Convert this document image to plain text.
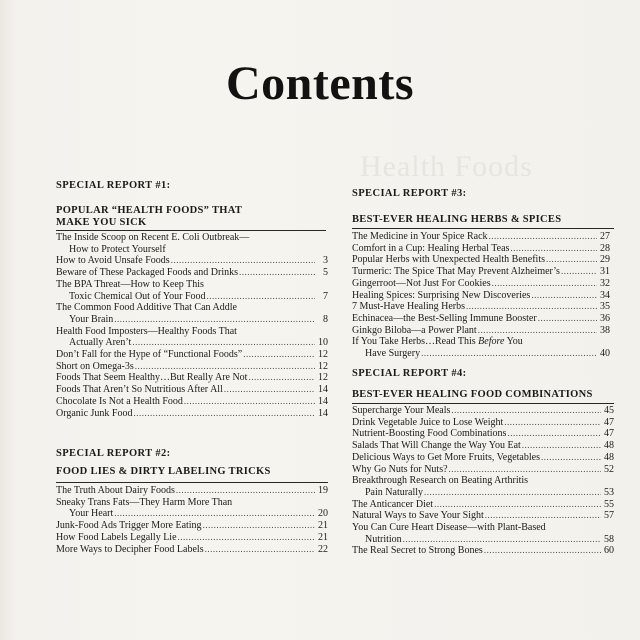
Health Foods
Contents
SPECIAL REPORT #1:
POPULAR “HEALTH FOODS” THAT
MAKE YOU SICK
The Inside Scoop on Recent E. Coli Outbreak—
How to Protect Yourself
How to Avoid Unsafe Foods .....	3
Beware of These Packaged Foods and Drinks .....	5
The BPA Threat—How to Keep This
Toxic Chemical Out of Your Food .....	7
The Common Food Additive That Can Addle
Your Brain .....	8
Health Food Imposters—Healthy Foods That
Actually Aren’t .....	10
Don’t Fall for the Hype of “Functional Foods” .....	12
Short on Omega-3s .....	12
Foods That Seem Healthy…But Really Are Not .....	12
Foods That Aren’t So Nutritious After All .....	14
Chocolate Is Not a Health Food .....	14
Organic Junk Food .....	14
SPECIAL REPORT #2:
FOOD LIES & DIRTY LABELING TRICKS
The Truth About Dairy Foods .....	19
Sneaky Trans Fats—They Harm More Than
Your Heart .....	20
Junk-Food Ads Trigger More Eating .....	21
How Food Labels Legally Lie .....	21
More Ways to Decipher Food Labels .....	22
SPECIAL REPORT #3:
BEST-EVER HEALING HERBS & SPICES
The Medicine in Your Spice Rack .....	27
Comfort in a Cup: Healing Herbal Teas .....	28
Popular Herbs with Unexpected Health Benefits .....	29
Turmeric: The Spice That May Prevent Alzheimer’s .....	31
Gingerroot—Not Just For Cookies .....	32
Healing Spices: Surprising New Discoveries .....	34
7 Must-Have Healing Herbs .....	35
Echinacea—the Best-Selling Immune Booster .....	36
Ginkgo Biloba—a Power Plant .....	38
If You Take Herbs…Read This Before You
Have Surgery .....	40
SPECIAL REPORT #4:
BEST-EVER HEALING FOOD COMBINATIONS
Supercharge Your Meals .....	45
Drink Vegetable Juice to Lose Weight .....	47
Nutrient-Boosting Food Combinations .....	47
Salads That Will Change the Way You Eat .....	48
Delicious Ways to Get More Fruits, Vegetables .....	48
Why Go Nuts for Nuts? .....	52
Breakthrough Research on Beating Arthritis
Pain Naturally .....	53
The Anticancer Diet .....	55
Natural Ways to Save Your Sight .....	57
You Can Cure Heart Disease—with Plant-Based
Nutrition .....	58
The Real Secret to Strong Bones .....	60
